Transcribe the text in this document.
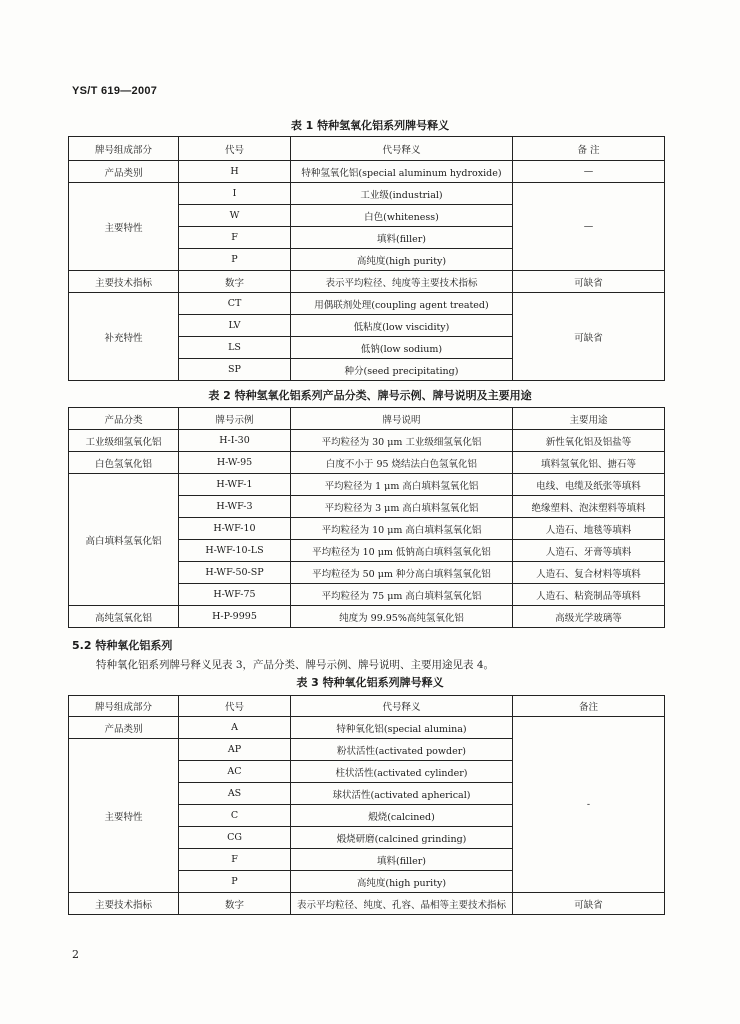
YS/T 619—2007
表 1 特种氢氧化铝系列牌号释义
牌号组成部分	代号	代号释义	备 注
产品类别	H	特种氢氧化铝(special aluminum hydroxide)	—
主要特性	I	工业级(industrial)	—
	W	白色(whiteness)	
	F	填料(filler)	
	P	高纯度(high purity)	
主要技术指标	数字	表示平均粒径、纯度等主要技术指标	可缺省
补充特性	CT	用偶联剂处理(coupling agent treated)	可缺省
	LV	低粘度(low viscidity)	
	LS	低钠(low sodium)	
	SP	种分(seed precipitating)	
表 2 特种氢氧化铝系列产品分类、牌号示例、牌号说明及主要用途
产品分类	牌号示例	牌号说明	主要用途
工业级细氢氧化铝	H-I-30	平均粒径为 30 μm 工业级细氢氧化铝	新性氧化铝及铝盐等
白色氢氧化铝	H-W-95	白度不小于 95 烧结法白色氢氧化铝	填料氢氧化铝、搪石等
高白填料氢氧化铝	H-WF-1	平均粒径为 1 μm 高白填料氢氧化铝	电线、电缆及纸张等填料
	H-WF-3	平均粒径为 3 μm 高白填料氢氧化铝	绝缘塑料、泡沫塑料等填料
	H-WF-10	平均粒径为 10 μm 高白填料氢氧化铝	人造石、地毯等填料
	H-WF-10-LS	平均粒径为 10 μm 低钠高白填料氢氧化铝	人造石、牙膏等填料
	H-WF-50-SP	平均粒径为 50 μm 种分高白填料氢氧化铝	人造石、复合材料等填料
	H-WF-75	平均粒径为 75 μm 高白填料氢氧化铝	人造石、粘瓷制品等填料
高纯氢氧化铝	H-P-9995	纯度为 99.95%高纯氢氧化铝	高级光学玻璃等
5.2 特种氧化铝系列
特种氧化铝系列牌号释义见表 3，产品分类、牌号示例、牌号说明、主要用途见表 4。
表 3 特种氧化铝系列牌号释义
牌号组成部分	代号	代号释义	备注
产品类别	A	特种氧化铝(special alumina)	-
主要特性	AP	粉状活性(activated powder)	
	AC	柱状活性(activated cylinder)	
	AS	球状活性(activated apherical)	
	C	煅烧(calcined)	
	CG	煅烧研磨(calcined grinding)	
	F	填料(filler)	
	P	高纯度(high purity)	
主要技术指标	数字	表示平均粒径、纯度、孔容、晶相等主要技术指标	可缺省
2
